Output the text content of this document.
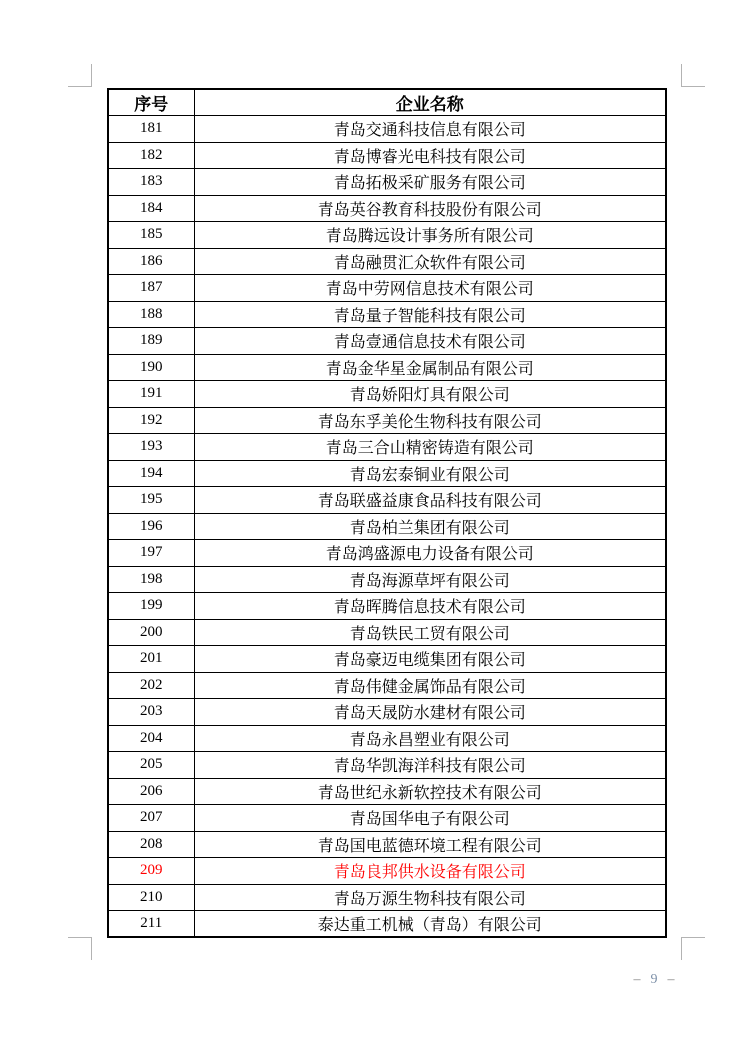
序号	企业名称
181	青岛交通科技信息有限公司
182	青岛博睿光电科技有限公司
183	青岛拓极采矿服务有限公司
184	青岛英谷教育科技股份有限公司
185	青岛腾远设计事务所有限公司
186	青岛融贯汇众软件有限公司
187	青岛中劳网信息技术有限公司
188	青岛量子智能科技有限公司
189	青岛壹通信息技术有限公司
190	青岛金华星金属制品有限公司
191	青岛娇阳灯具有限公司
192	青岛东孚美伦生物科技有限公司
193	青岛三合山精密铸造有限公司
194	青岛宏泰铜业有限公司
195	青岛联盛益康食品科技有限公司
196	青岛柏兰集团有限公司
197	青岛鸿盛源电力设备有限公司
198	青岛海源草坪有限公司
199	青岛晖腾信息技术有限公司
200	青岛铁民工贸有限公司
201	青岛豪迈电缆集团有限公司
202	青岛伟健金属饰品有限公司
203	青岛天晟防水建材有限公司
204	青岛永昌塑业有限公司
205	青岛华凯海洋科技有限公司
206	青岛世纪永新软控技术有限公司
207	青岛国华电子有限公司
208	青岛国电蓝德环境工程有限公司
209	青岛良邦供水设备有限公司
210	青岛万源生物科技有限公司
211	泰达重工机械（青岛）有限公司
– 9 –
